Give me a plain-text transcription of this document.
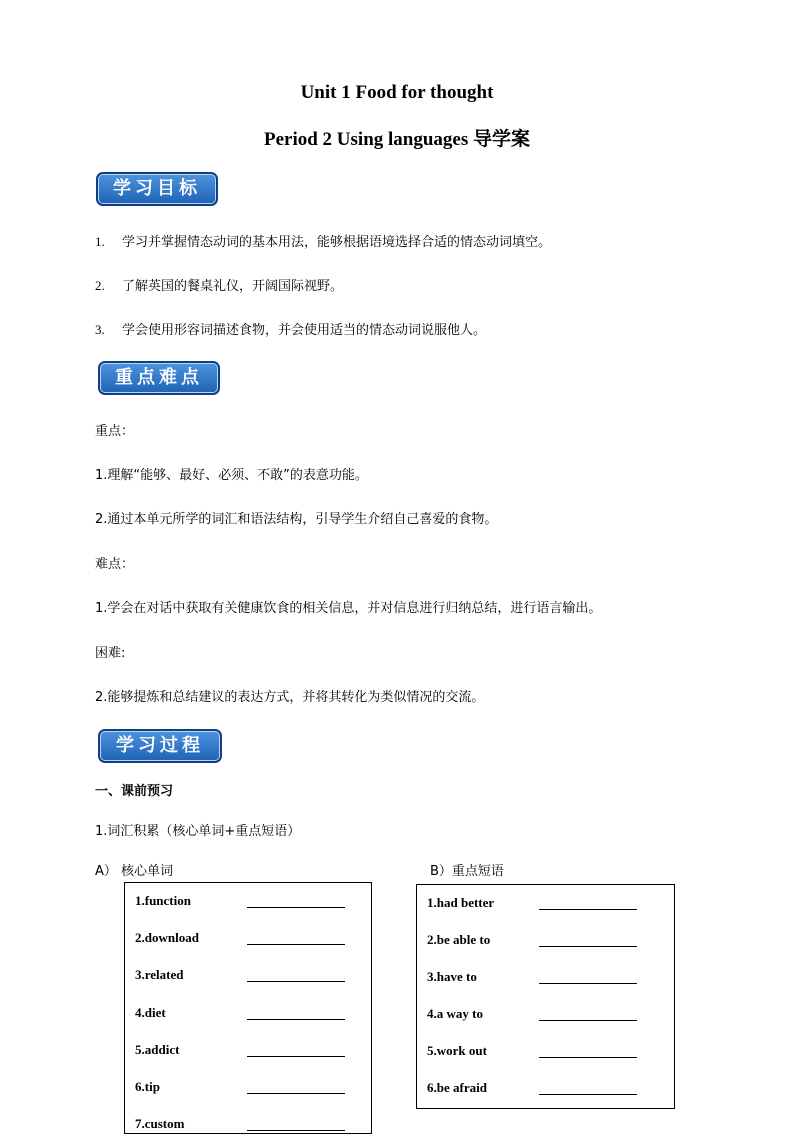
Unit 1 Food for thought
Period 2 Using languages 导学案
学习目标
1. 学习并掌握情态动词的基本用法，能够根据语境选择合适的情态动词填空。
2. 了解英国的餐桌礼仪，开阔国际视野。
3. 学会使用形容词描述食物，并会使用适当的情态动词说服他人。
重点难点
重点：
1.理解“能够、最好、必须、不敢”的表意功能。
2.通过本单元所学的词汇和语法结构，引导学生介绍自己喜爱的食物。
难点：
1.学会在对话中获取有关健康饮食的相关信息，并对信息进行归纳总结，进行语言输出。
困难:
2.能够提炼和总结建议的表达方式，并将其转化为类似情况的交流。
学习过程
一、课前预习
1.词汇积累（核心单词+重点短语）
A） 核心单词	B）重点短语
1.function
2.download
3.related
4.diet
5.addict
6.tip
7.custom
1.had better
2.be able to
3.have to
4.a way to
5.work out
6.be afraid
